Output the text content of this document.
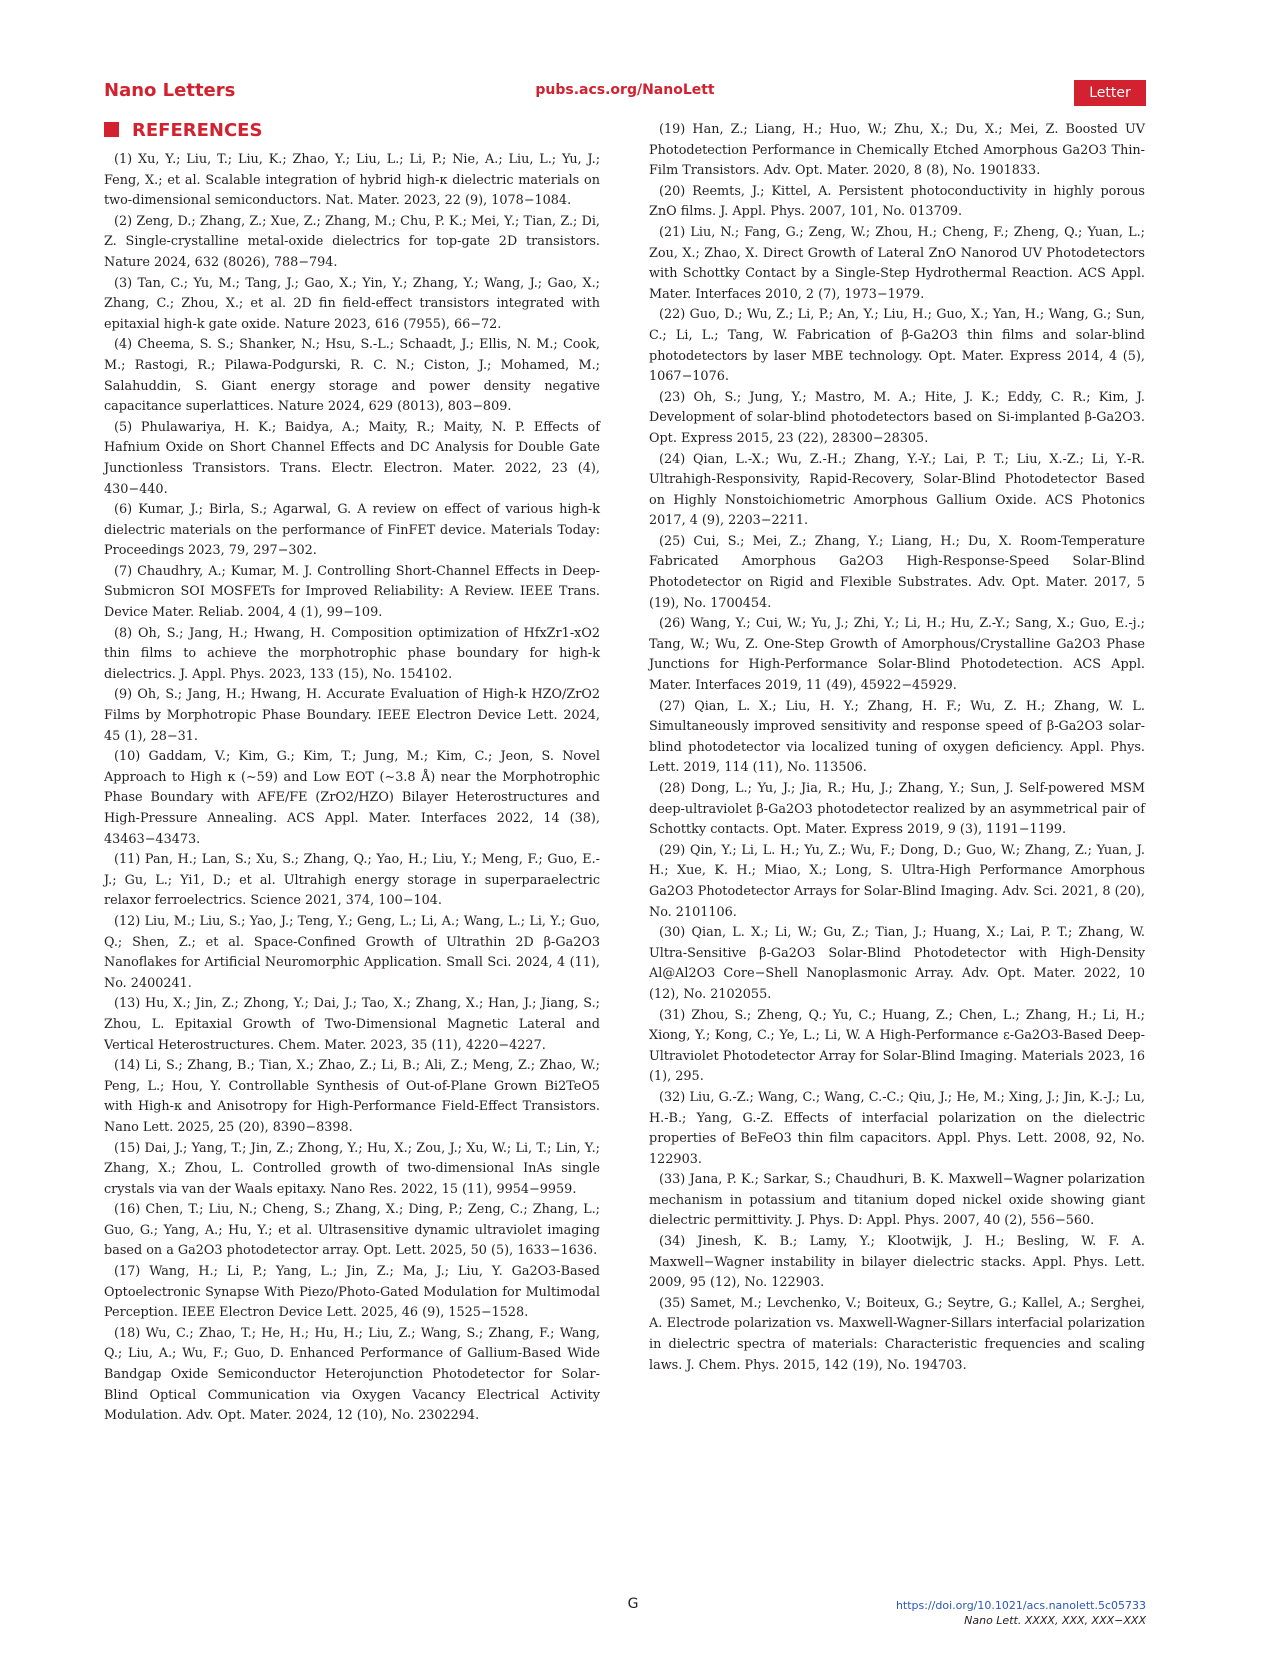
Nano Letters	pubs.acs.org/NanoLett	Letter
REFERENCES

(1) Xu, Y.; Liu, T.; Liu, K.; Zhao, Y.; Liu, L.; Li, P.; Nie, A.; Liu, L.; Yu, J.; Feng, X.; et al. Scalable integration of hybrid high-κ dielectric materials on two-dimensional semiconductors. Nat. Mater. 2023, 22 (9), 1078−1084.

(2) Zeng, D.; Zhang, Z.; Xue, Z.; Zhang, M.; Chu, P. K.; Mei, Y.; Tian, Z.; Di, Z. Single-crystalline metal-oxide dielectrics for top-gate 2D transistors. Nature 2024, 632 (8026), 788−794.

(3) Tan, C.; Yu, M.; Tang, J.; Gao, X.; Yin, Y.; Zhang, Y.; Wang, J.; Gao, X.; Zhang, C.; Zhou, X.; et al. 2D fin field-effect transistors integrated with epitaxial high-k gate oxide. Nature 2023, 616 (7955), 66−72.

(4) Cheema, S. S.; Shanker, N.; Hsu, S.-L.; Schaadt, J.; Ellis, N. M.; Cook, M.; Rastogi, R.; Pilawa-Podgurski, R. C. N.; Ciston, J.; Mohamed, M.; Salahuddin, S. Giant energy storage and power density negative capacitance superlattices. Nature 2024, 629 (8013), 803−809.

(5) Phulawariya, H. K.; Baidya, A.; Maity, R.; Maity, N. P. Effects of Hafnium Oxide on Short Channel Effects and DC Analysis for Double Gate Junctionless Transistors. Trans. Electr. Electron. Mater. 2022, 23 (4), 430−440.

(6) Kumar, J.; Birla, S.; Agarwal, G. A review on effect of various high-k dielectric materials on the performance of FinFET device. Materials Today: Proceedings 2023, 79, 297−302.

(7) Chaudhry, A.; Kumar, M. J. Controlling Short-Channel Effects in Deep-Submicron SOI MOSFETs for Improved Reliability: A Review. IEEE Trans. Device Mater. Reliab. 2004, 4 (1), 99−109.

(8) Oh, S.; Jang, H.; Hwang, H. Composition optimization of HfxZr1-xO2 thin films to achieve the morphotrophic phase boundary for high-k dielectrics. J. Appl. Phys. 2023, 133 (15), No. 154102.

(9) Oh, S.; Jang, H.; Hwang, H. Accurate Evaluation of High-k HZO/ZrO2 Films by Morphotropic Phase Boundary. IEEE Electron Device Lett. 2024, 45 (1), 28−31.

(10) Gaddam, V.; Kim, G.; Kim, T.; Jung, M.; Kim, C.; Jeon, S. Novel Approach to High κ (∼59) and Low EOT (∼3.8 Å) near the Morphotrophic Phase Boundary with AFE/FE (ZrO2/HZO) Bilayer Heterostructures and High-Pressure Annealing. ACS Appl. Mater. Interfaces 2022, 14 (38), 43463−43473.

(11) Pan, H.; Lan, S.; Xu, S.; Zhang, Q.; Yao, H.; Liu, Y.; Meng, F.; Guo, E.-J.; Gu, L.; Yi1, D.; et al. Ultrahigh energy storage in superparaelectric relaxor ferroelectrics. Science 2021, 374, 100−104.

(12) Liu, M.; Liu, S.; Yao, J.; Teng, Y.; Geng, L.; Li, A.; Wang, L.; Li, Y.; Guo, Q.; Shen, Z.; et al. Space-Confined Growth of Ultrathin 2D β-Ga2O3 Nanoflakes for Artificial Neuromorphic Application. Small Sci. 2024, 4 (11), No. 2400241.

(13) Hu, X.; Jin, Z.; Zhong, Y.; Dai, J.; Tao, X.; Zhang, X.; Han, J.; Jiang, S.; Zhou, L. Epitaxial Growth of Two-Dimensional Magnetic Lateral and Vertical Heterostructures. Chem. Mater. 2023, 35 (11), 4220−4227.

(14) Li, S.; Zhang, B.; Tian, X.; Zhao, Z.; Li, B.; Ali, Z.; Meng, Z.; Zhao, W.; Peng, L.; Hou, Y. Controllable Synthesis of Out-of-Plane Grown Bi2TeO5 with High-κ and Anisotropy for High-Performance Field-Effect Transistors. Nano Lett. 2025, 25 (20), 8390−8398.

(15) Dai, J.; Yang, T.; Jin, Z.; Zhong, Y.; Hu, X.; Zou, J.; Xu, W.; Li, T.; Lin, Y.; Zhang, X.; Zhou, L. Controlled growth of two-dimensional InAs single crystals via van der Waals epitaxy. Nano Res. 2022, 15 (11), 9954−9959.

(16) Chen, T.; Liu, N.; Cheng, S.; Zhang, X.; Ding, P.; Zeng, C.; Zhang, L.; Guo, G.; Yang, A.; Hu, Y.; et al. Ultrasensitive dynamic ultraviolet imaging based on a Ga2O3 photodetector array. Opt. Lett. 2025, 50 (5), 1633−1636.

(17) Wang, H.; Li, P.; Yang, L.; Jin, Z.; Ma, J.; Liu, Y. Ga2O3-Based Optoelectronic Synapse With Piezo/Photo-Gated Modulation for Multimodal Perception. IEEE Electron Device Lett. 2025, 46 (9), 1525−1528.

(18) Wu, C.; Zhao, T.; He, H.; Hu, H.; Liu, Z.; Wang, S.; Zhang, F.; Wang, Q.; Liu, A.; Wu, F.; Guo, D. Enhanced Performance of Gallium-Based Wide Bandgap Oxide Semiconductor Heterojunction Photodetector for Solar-Blind Optical Communication via Oxygen Vacancy Electrical Activity Modulation. Adv. Opt. Mater. 2024, 12 (10), No. 2302294.

(19) Han, Z.; Liang, H.; Huo, W.; Zhu, X.; Du, X.; Mei, Z. Boosted UV Photodetection Performance in Chemically Etched Amorphous Ga2O3 Thin-Film Transistors. Adv. Opt. Mater. 2020, 8 (8), No. 1901833.

(20) Reemts, J.; Kittel, A. Persistent photoconductivity in highly porous ZnO films. J. Appl. Phys. 2007, 101, No. 013709.

(21) Liu, N.; Fang, G.; Zeng, W.; Zhou, H.; Cheng, F.; Zheng, Q.; Yuan, L.; Zou, X.; Zhao, X. Direct Growth of Lateral ZnO Nanorod UV Photodetectors with Schottky Contact by a Single-Step Hydrothermal Reaction. ACS Appl. Mater. Interfaces 2010, 2 (7), 1973−1979.

(22) Guo, D.; Wu, Z.; Li, P.; An, Y.; Liu, H.; Guo, X.; Yan, H.; Wang, G.; Sun, C.; Li, L.; Tang, W. Fabrication of β-Ga2O3 thin films and solar-blind photodetectors by laser MBE technology. Opt. Mater. Express 2014, 4 (5), 1067−1076.

(23) Oh, S.; Jung, Y.; Mastro, M. A.; Hite, J. K.; Eddy, C. R.; Kim, J. Development of solar-blind photodetectors based on Si-implanted β-Ga2O3. Opt. Express 2015, 23 (22), 28300−28305.

(24) Qian, L.-X.; Wu, Z.-H.; Zhang, Y.-Y.; Lai, P. T.; Liu, X.-Z.; Li, Y.-R. Ultrahigh-Responsivity, Rapid-Recovery, Solar-Blind Photodetector Based on Highly Nonstoichiometric Amorphous Gallium Oxide. ACS Photonics 2017, 4 (9), 2203−2211.

(25) Cui, S.; Mei, Z.; Zhang, Y.; Liang, H.; Du, X. Room-Temperature Fabricated Amorphous Ga2O3 High-Response-Speed Solar-Blind Photodetector on Rigid and Flexible Substrates. Adv. Opt. Mater. 2017, 5 (19), No. 1700454.

(26) Wang, Y.; Cui, W.; Yu, J.; Zhi, Y.; Li, H.; Hu, Z.-Y.; Sang, X.; Guo, E.-j.; Tang, W.; Wu, Z. One-Step Growth of Amorphous/Crystalline Ga2O3 Phase Junctions for High-Performance Solar-Blind Photodetection. ACS Appl. Mater. Interfaces 2019, 11 (49), 45922−45929.

(27) Qian, L. X.; Liu, H. Y.; Zhang, H. F.; Wu, Z. H.; Zhang, W. L. Simultaneously improved sensitivity and response speed of β-Ga2O3 solar-blind photodetector via localized tuning of oxygen deficiency. Appl. Phys. Lett. 2019, 114 (11), No. 113506.

(28) Dong, L.; Yu, J.; Jia, R.; Hu, J.; Zhang, Y.; Sun, J. Self-powered MSM deep-ultraviolet β-Ga2O3 photodetector realized by an asymmetrical pair of Schottky contacts. Opt. Mater. Express 2019, 9 (3), 1191−1199.

(29) Qin, Y.; Li, L. H.; Yu, Z.; Wu, F.; Dong, D.; Guo, W.; Zhang, Z.; Yuan, J. H.; Xue, K. H.; Miao, X.; Long, S. Ultra-High Performance Amorphous Ga2O3 Photodetector Arrays for Solar-Blind Imaging. Adv. Sci. 2021, 8 (20), No. 2101106.

(30) Qian, L. X.; Li, W.; Gu, Z.; Tian, J.; Huang, X.; Lai, P. T.; Zhang, W. Ultra-Sensitive β-Ga2O3 Solar-Blind Photodetector with High-Density Al@Al2O3 Core−Shell Nanoplasmonic Array. Adv. Opt. Mater. 2022, 10 (12), No. 2102055.

(31) Zhou, S.; Zheng, Q.; Yu, C.; Huang, Z.; Chen, L.; Zhang, H.; Li, H.; Xiong, Y.; Kong, C.; Ye, L.; Li, W. A High-Performance ε-Ga2O3-Based Deep-Ultraviolet Photodetector Array for Solar-Blind Imaging. Materials 2023, 16 (1), 295.

(32) Liu, G.-Z.; Wang, C.; Wang, C.-C.; Qiu, J.; He, M.; Xing, J.; Jin, K.-J.; Lu, H.-B.; Yang, G.-Z. Effects of interfacial polarization on the dielectric properties of BeFeO3 thin film capacitors. Appl. Phys. Lett. 2008, 92, No. 122903.

(33) Jana, P. K.; Sarkar, S.; Chaudhuri, B. K. Maxwell−Wagner polarization mechanism in potassium and titanium doped nickel oxide showing giant dielectric permittivity. J. Phys. D: Appl. Phys. 2007, 40 (2), 556−560.

(34) Jinesh, K. B.; Lamy, Y.; Klootwijk, J. H.; Besling, W. F. A. Maxwell−Wagner instability in bilayer dielectric stacks. Appl. Phys. Lett. 2009, 95 (12), No. 122903.

(35) Samet, M.; Levchenko, V.; Boiteux, G.; Seytre, G.; Kallel, A.; Serghei, A. Electrode polarization vs. Maxwell-Wagner-Sillars interfacial polarization in dielectric spectra of materials: Characteristic frequencies and scaling laws. J. Chem. Phys. 2015, 142 (19), No. 194703.

G	https://doi.org/10.1021/acs.nanolett.5c05733
Nano Lett. XXXX, XXX, XXX−XXX
